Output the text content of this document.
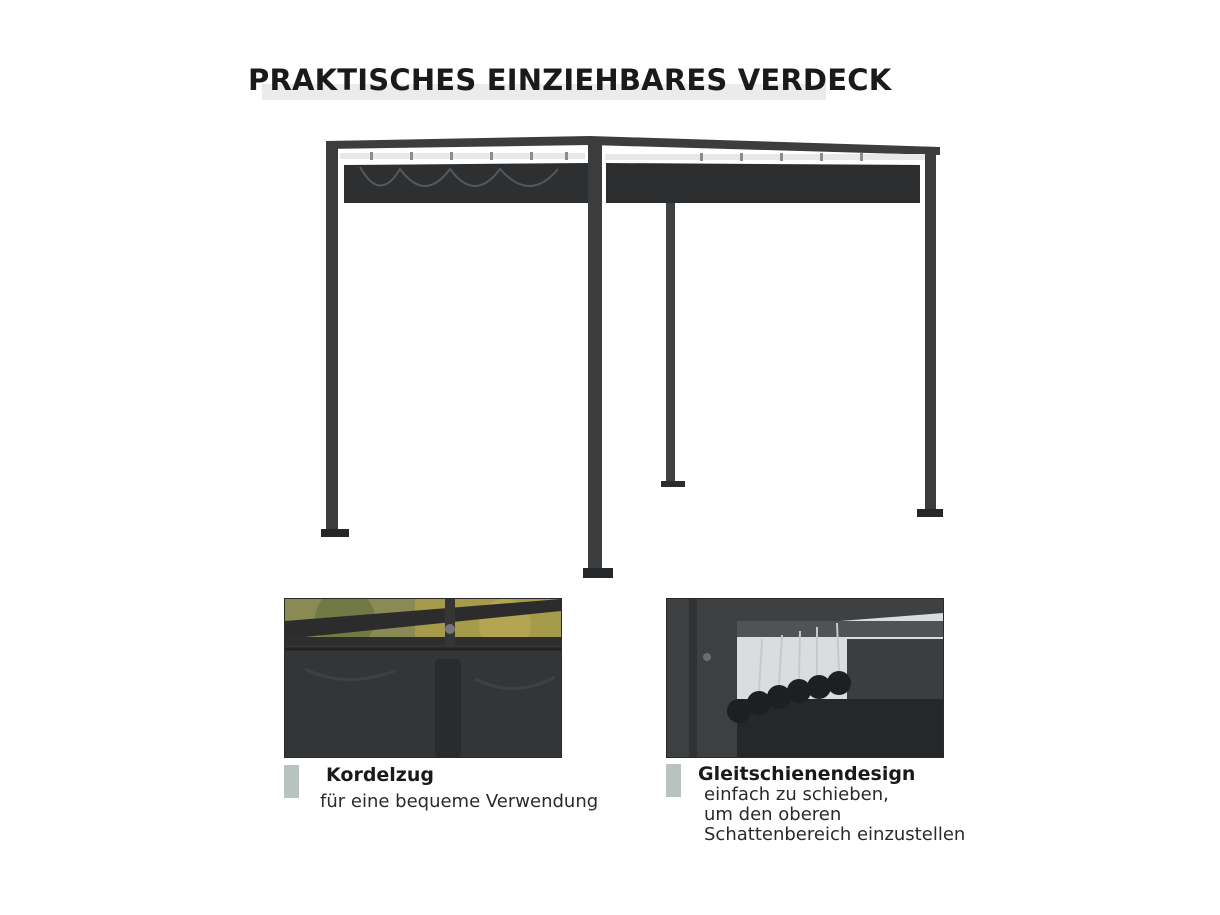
PRAKTISCHES EINZIEHBARES VERDECK
Kordelzug
für eine bequeme Verwendung
Gleitschienendesign
einfach zu schieben,
um den oberen
Schattenbereich einzustellen
